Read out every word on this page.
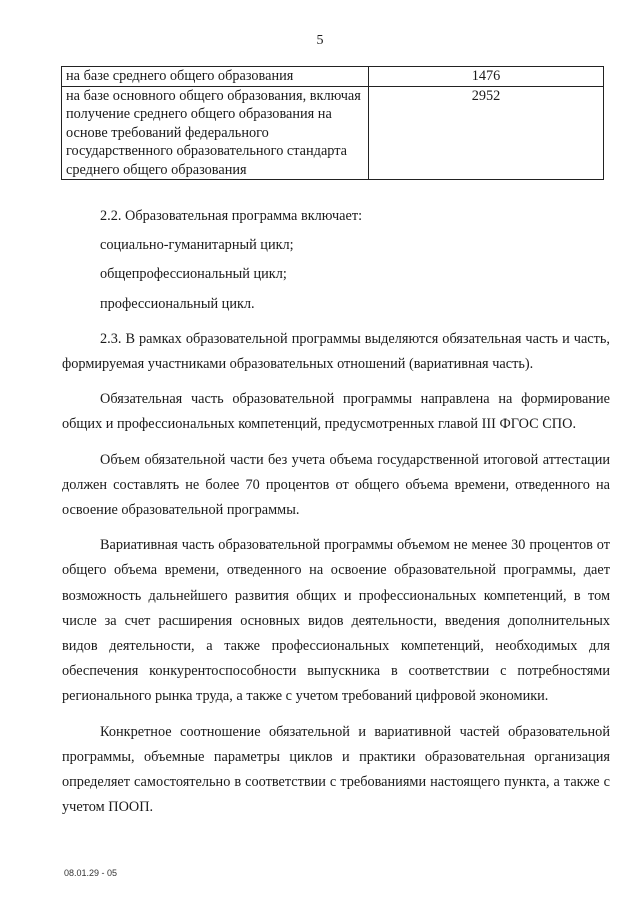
5
на базе среднего общего образования	1476
на базе основного общего образования, включая получение среднего общего образования на основе требований федерального государственного образовательного стандарта среднего общего образования	2952

2.2. Образовательная программа включает:

социально-гуманитарный цикл;

общепрофессиональный цикл;

профессиональный цикл.

2.3. В рамках образовательной программы выделяются обязательная часть и часть, формируемая участниками образовательных отношений (вариативная часть).

Обязательная часть образовательной программы направлена на формирование общих и профессиональных компетенций, предусмотренных главой III ФГОС СПО.

Объем обязательной части без учета объема государственной итоговой аттестации должен составлять не более 70 процентов от общего объема времени, отведенного на освоение образовательной программы.

Вариативная часть образовательной программы объемом не менее 30 процентов от общего объема времени, отведенного на освоение образовательной программы, дает возможность дальнейшего развития общих и профессиональных компетенций, в том числе за счет расширения основных видов деятельности, введения дополнительных видов деятельности, а также профессиональных компетенций, необходимых для обеспечения конкурентоспособности выпускника в соответствии с потребностями регионального рынка труда, а также с учетом требований цифровой экономики.

Конкретное соотношение обязательной и вариативной частей образовательной программы, объемные параметры циклов и практики образовательная организация определяет самостоятельно в соответствии с требованиями настоящего пункта, а также с учетом ПООП.

08.01.29 - 05
